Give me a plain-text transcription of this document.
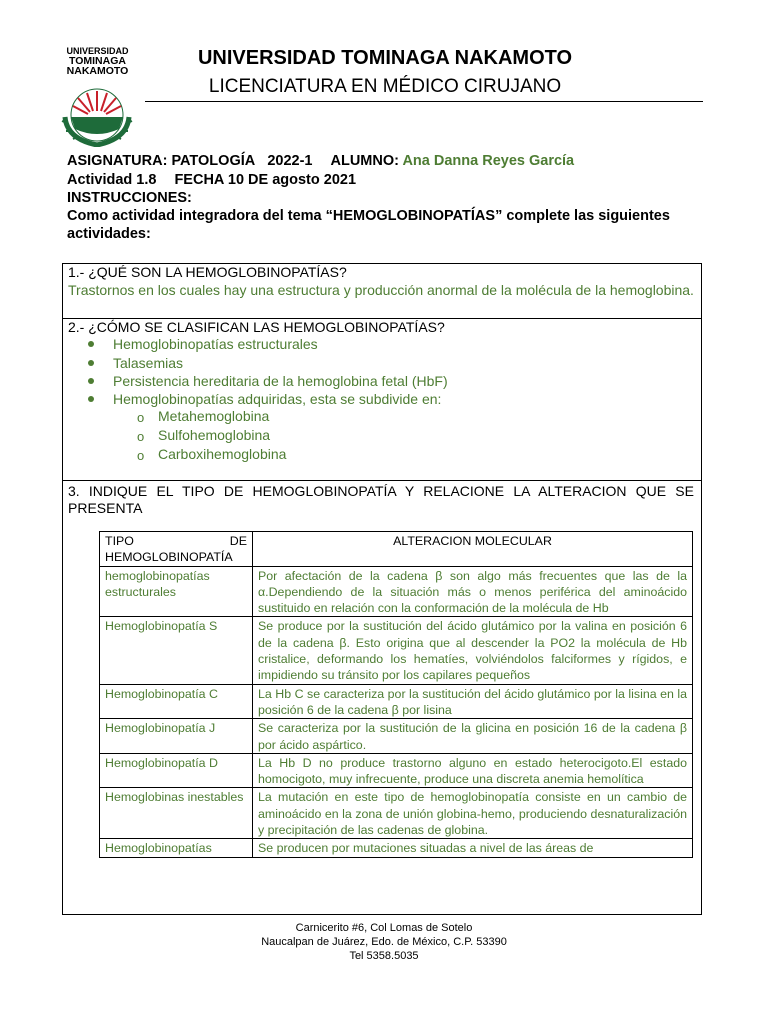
UNIVERSIDAD
TOMINAGA
NAKAMOTO
UNIVERSIDAD TOMINAGA NAKAMOTO
LICENCIATURA EN MÉDICO CIRUJANO
ASIGNATURA: PATOLOGÍA 2022-1 ALUMNO: Ana Danna Reyes García
Actividad 1.8 FECHA 10 DE agosto 2021
INSTRUCCIONES:
Como actividad integradora del tema “HEMOGLOBINOPATÍAS” complete las siguientes actividades:
1.- ¿QUÉ SON LA HEMOGLOBINOPATÍAS?
Trastornos en los cuales hay una estructura y producción anormal de la molécula de la hemoglobina.
2.- ¿CÓMO SE CLASIFICAN LAS HEMOGLOBINOPATÍAS?
Hemoglobinopatías estructurales
Talasemias
Persistencia hereditaria de la hemoglobina fetal (HbF)
Hemoglobinopatías adquiridas, esta se subdivide en:
o Metahemoglobina
o Sulfohemoglobina
o Carboxihemoglobina
3. INDIQUE EL TIPO DE HEMOGLOBINOPATÍA Y RELACIONE LA ALTERACION QUE SE PRESENTA
TIPO DE HEMOGLOBINOPATÍA	ALTERACION MOLECULAR
hemoglobinopatías estructurales	Por afectación de la cadena β son algo más frecuentes que las de la α.Dependiendo de la situación más o menos periférica del aminoácido sustituido en relación con la conformación de la molécula de Hb
Hemoglobinopatía S	Se produce por la sustitución del ácido glutámico por la valina en posición 6 de la cadena β. Esto origina que al descender la PO2 la molécula de Hb cristalice, deformando los hematíes, volviéndolos falciformes y rígidos, e impidiendo su tránsito por los capilares pequeños
Hemoglobinopatía C	La Hb C se caracteriza por la sustitución del ácido glutámico por la lisina en la posición 6 de la cadena β por lisina
Hemoglobinopatía J	Se caracteriza por la sustitución de la glicina en posición 16 de la cadena β por ácido aspártico.
Hemoglobinopatía D	La Hb D no produce trastorno alguno en estado heterocigoto.El estado homocigoto, muy infrecuente, produce una discreta anemia hemolítica
Hemoglobinas inestables	La mutación en este tipo de hemoglobinopatía consiste en un cambio de aminoácido en la zona de unión globina-hemo, produciendo desnaturalización y precipitación de las cadenas de globina.
Hemoglobinopatías	Se producen por mutaciones situadas a nivel de las áreas de
Carnicerito #6, Col Lomas de Sotelo
Naucalpan de Juárez, Edo. de México, C.P. 53390
Tel 5358.5035
